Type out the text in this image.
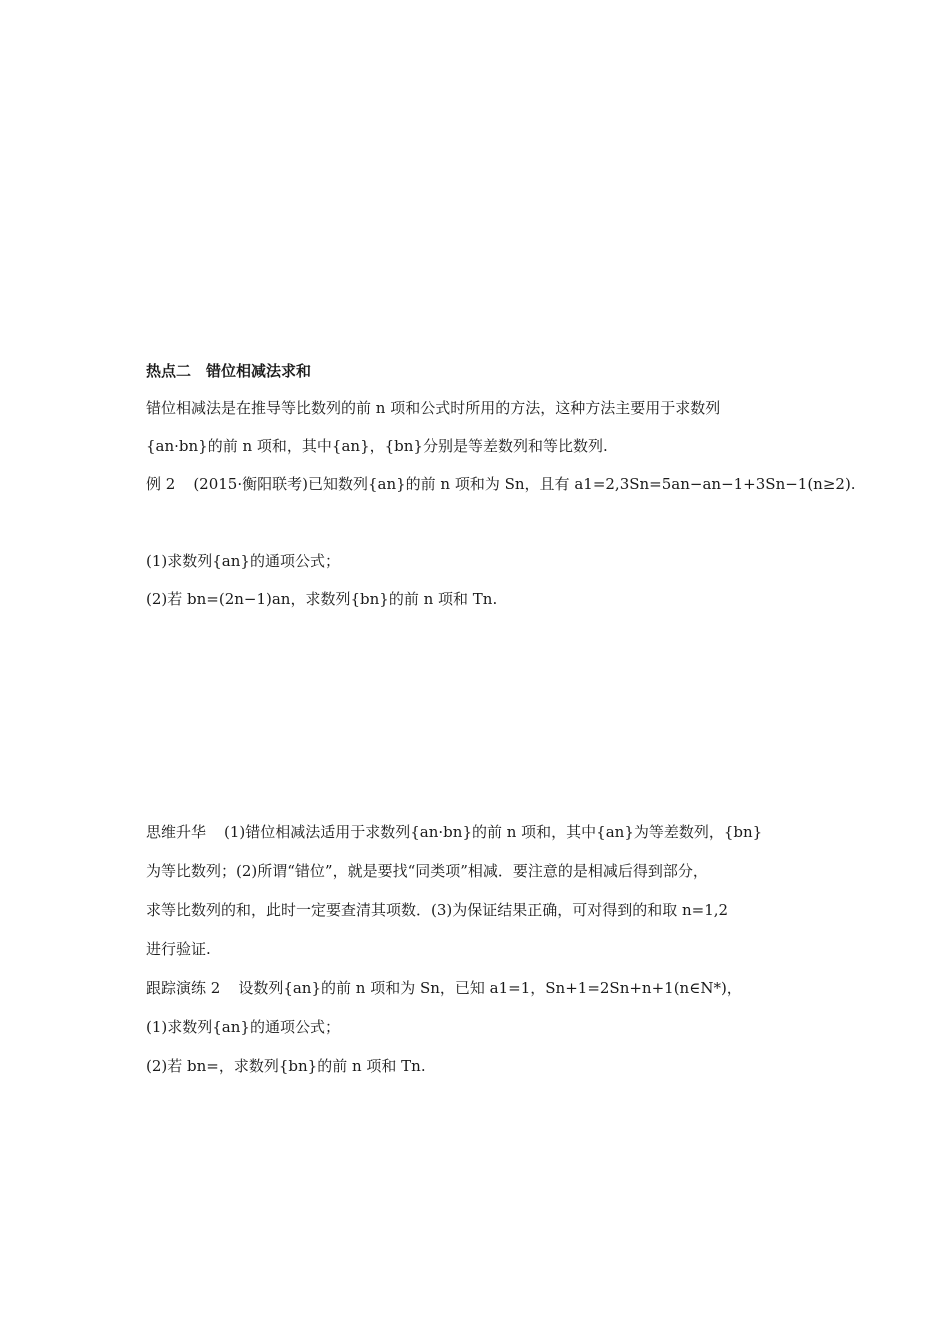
热点二　错位相减法求和
错位相减法是在推导等比数列的前 n 项和公式时所用的方法，这种方法主要用于求数列
{an·bn}的前 n 项和，其中{an}，{bn}分别是等差数列和等比数列.
例 2 (2015·衡阳联考)已知数列{an}的前 n 项和为 Sn，且有 a1=2,3Sn=5an−an−1+3Sn−1(n≥2).
(1)求数列{an}的通项公式；
(2)若 bn=(2n−1)an，求数列{bn}的前 n 项和 Tn.
思维升华 (1)错位相减法适用于求数列{an·bn}的前 n 项和，其中{an}为等差数列，{bn}
为等比数列；(2)所谓“错位”，就是要找“同类项”相减．要注意的是相减后得到部分，
求等比数列的和，此时一定要查清其项数．(3)为保证结果正确，可对得到的和取 n=1,2
进行验证.
跟踪演练 2 设数列{an}的前 n 项和为 Sn，已知 a1=1，Sn+1=2Sn+n+1(n∈N*)，
(1)求数列{an}的通项公式；
(2)若 bn=，求数列{bn}的前 n 项和 Tn.
